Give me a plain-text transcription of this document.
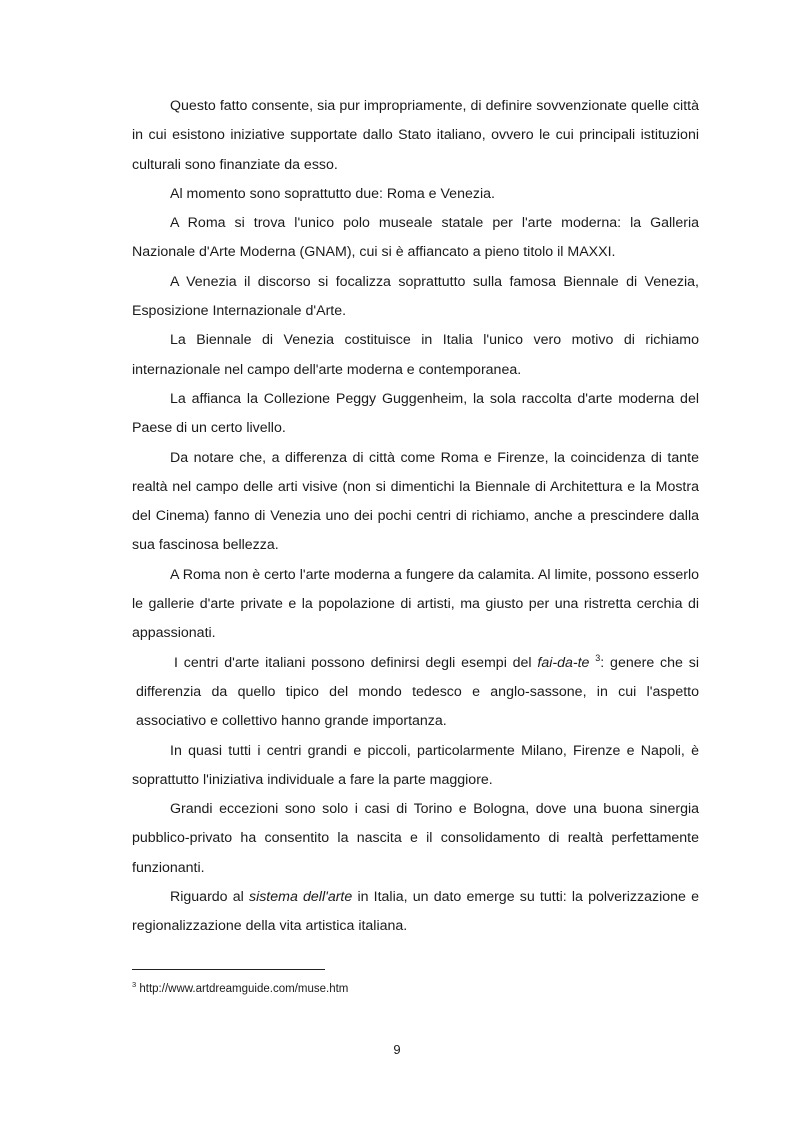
Questo fatto consente, sia pur impropriamente, di definire sovvenzionate quelle città in cui esistono iniziative supportate dallo Stato italiano, ovvero le cui principali istituzioni culturali sono finanziate da esso.

Al momento sono soprattutto due: Roma e Venezia.

A Roma si trova l'unico polo museale statale per l'arte moderna: la Galleria Nazionale d'Arte Moderna (GNAM), cui si è affiancato a pieno titolo il MAXXI.

A Venezia il discorso si focalizza soprattutto sulla famosa Biennale di Venezia, Esposizione Internazionale d'Arte.

La Biennale di Venezia costituisce in Italia l'unico vero motivo di richiamo internazionale nel campo dell'arte moderna e contemporanea.

La affianca la Collezione Peggy Guggenheim, la sola raccolta d'arte moderna del Paese di un certo livello.

Da notare che, a differenza di città come Roma e Firenze, la coincidenza di tante realtà nel campo delle arti visive (non si dimentichi la Biennale di Architettura e la Mostra del Cinema) fanno di Venezia uno dei pochi centri di richiamo, anche a prescindere dalla sua fascinosa bellezza.

A Roma non è certo l'arte moderna a fungere da calamita. Al limite, possono esserlo le gallerie d'arte private e la popolazione di artisti, ma giusto per una ristretta cerchia di appassionati.

I centri d'arte italiani possono definirsi degli esempi del fai-da-te $^3$: genere che si differenzia da quello tipico del mondo tedesco e anglo-sassone, in cui l'aspetto associativo e collettivo hanno grande importanza.

In quasi tutti i centri grandi e piccoli, particolarmente Milano, Firenze e Napoli, è soprattutto l'iniziativa individuale a fare la parte maggiore.

Grandi eccezioni sono solo i casi di Torino e Bologna, dove una buona sinergia pubblico-privato ha consentito la nascita e il consolidamento di realtà perfettamente funzionanti.

Riguardo al sistema dell'arte in Italia, un dato emerge su tutti: la polverizzazione e regionalizzazione della vita artistica italiana.

$^3$ http://www.artdreamguide.com/muse.htm
9
